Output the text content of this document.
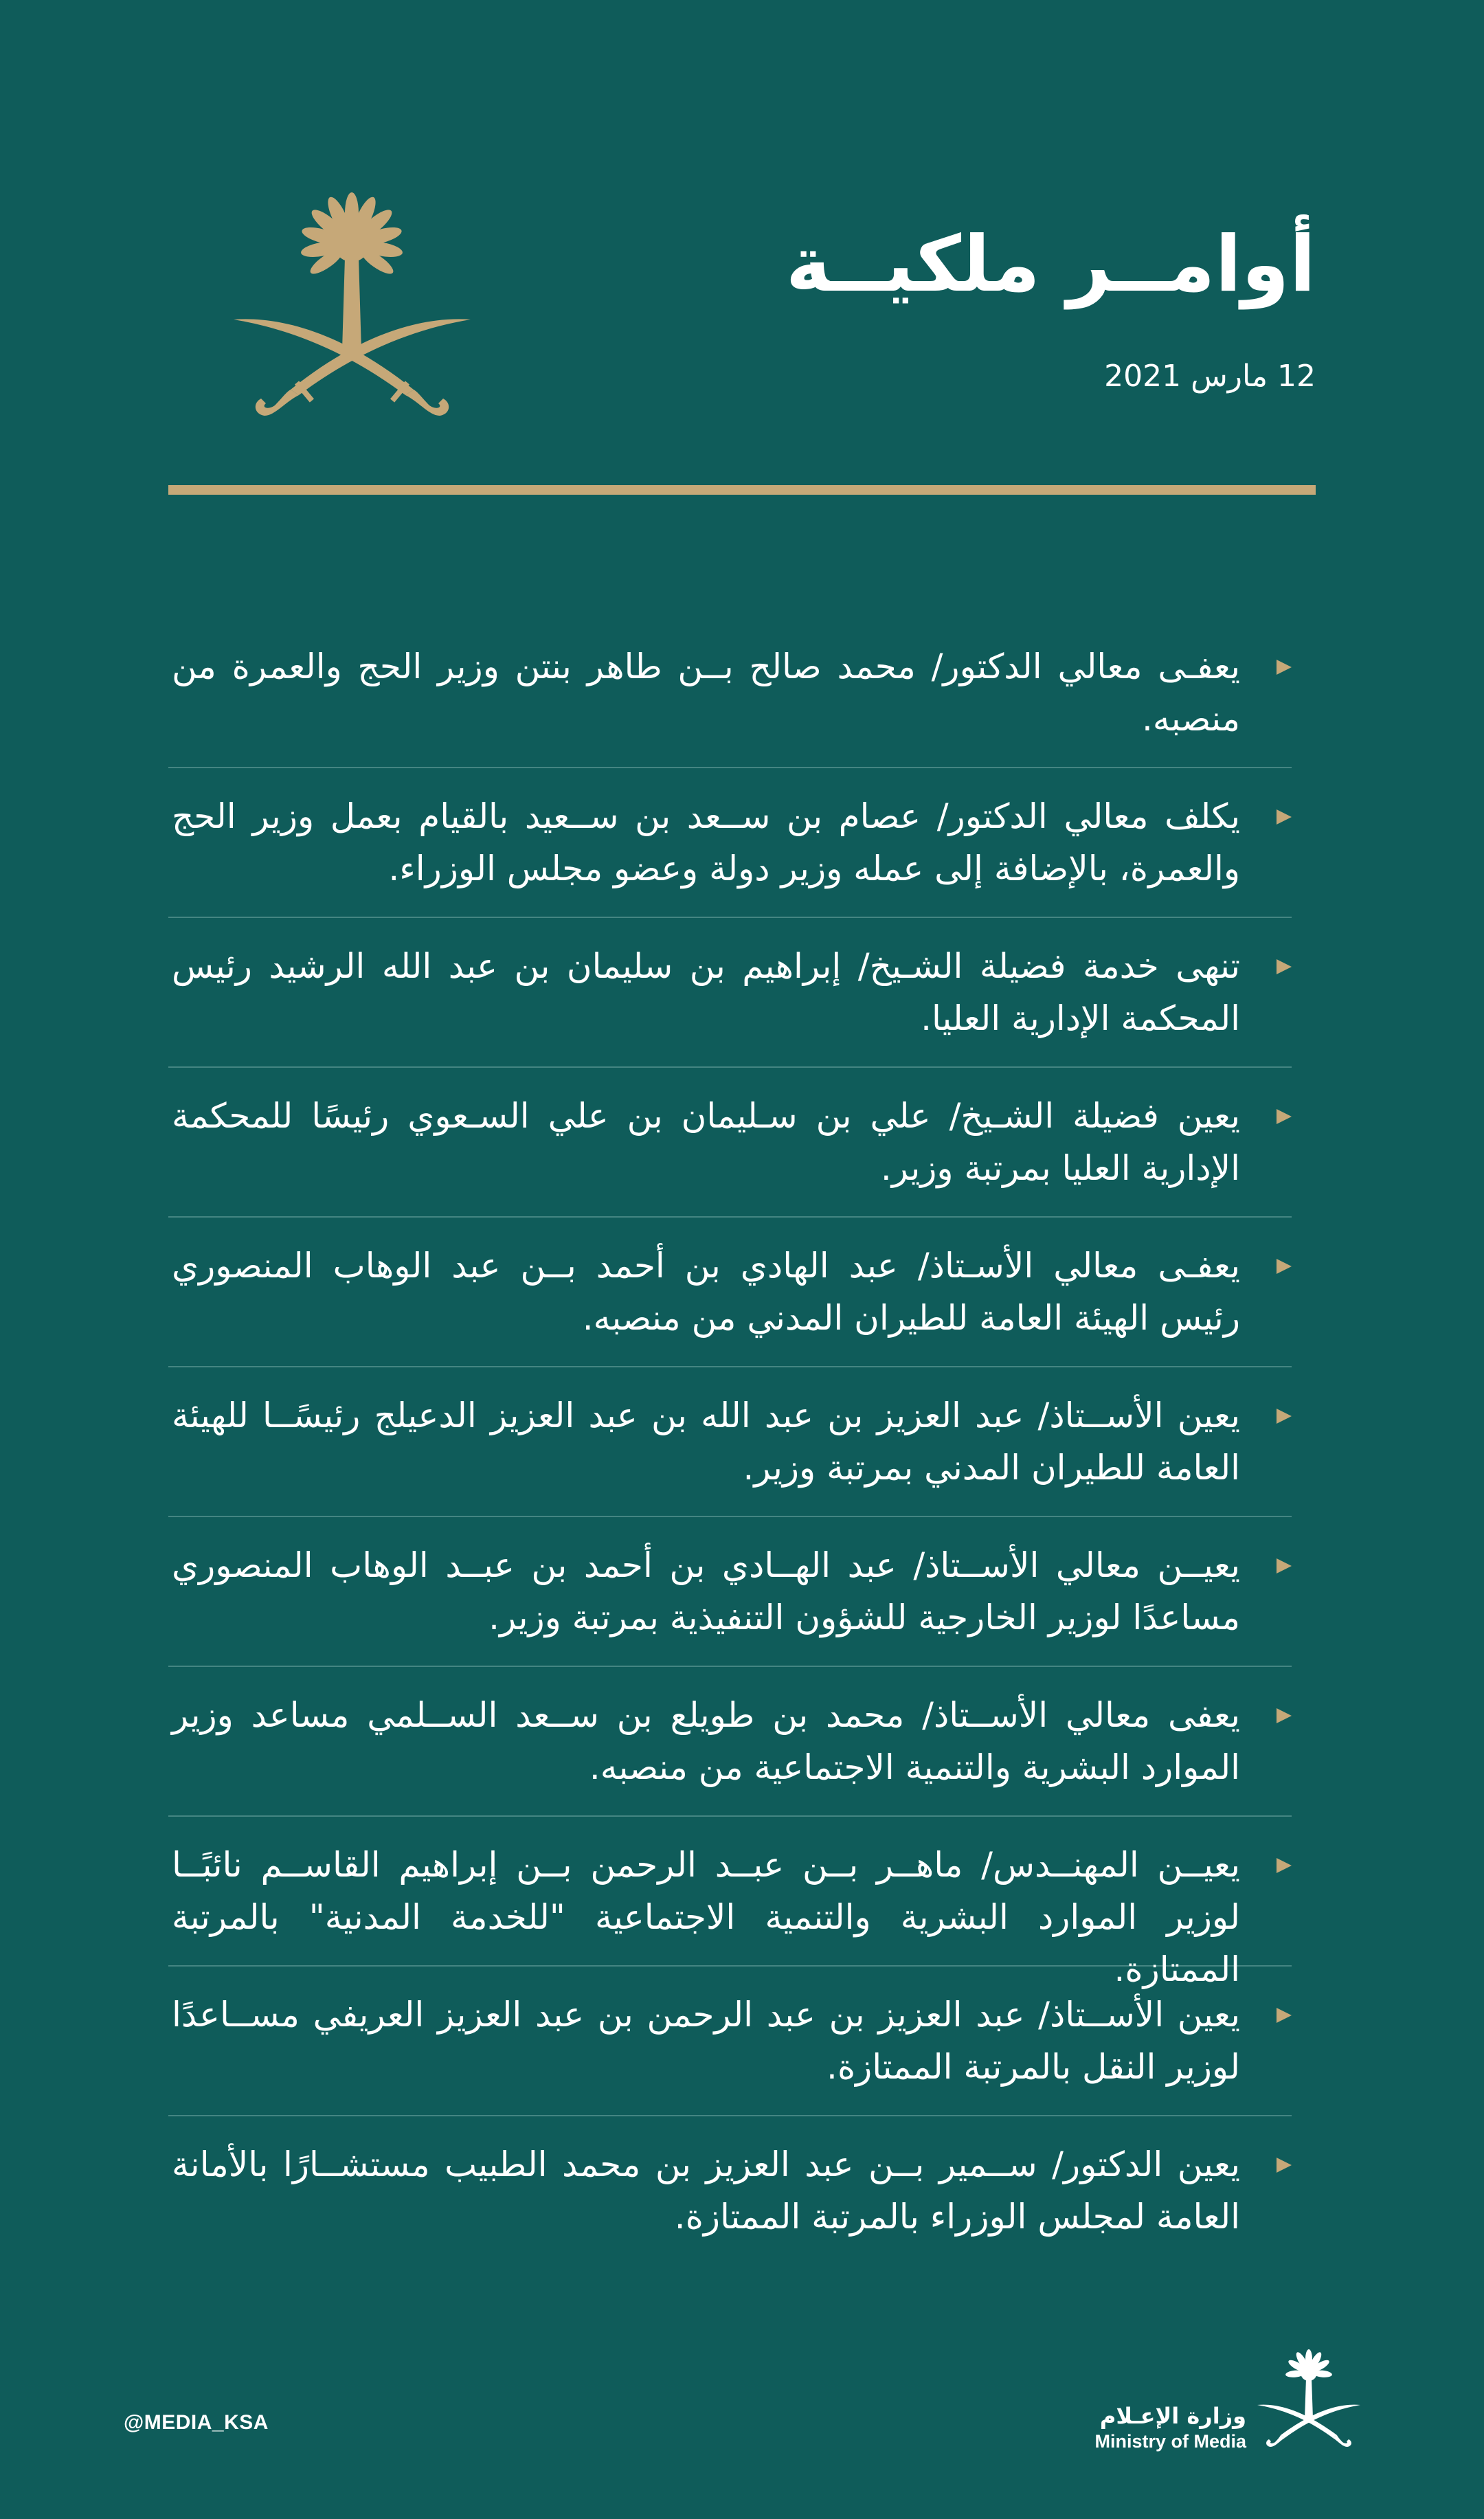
أوامــر ملكيــة
12 مارس 2021
يعفـى معالي الدكتور/ محمد صالح بــن طاهر بنتن وزير الحج والعمرة من منصبه.
يكلف معالي الدكتور/ عصام بن ســعد بن ســعيد بالقيام بعمل وزير الحج والعمرة، بالإضافة إلى عمله وزير دولة وعضو مجلس الوزراء.
تنهى خدمة فضيلة الشـيخ/ إبراهيم بن سليمان بن عبد الله الرشيد رئيس المحكمة الإدارية العليا.
يعين فضيلة الشـيخ/ علي بن سـليمان بن علي السـعوي رئيسًا للمحكمة الإدارية العليا بمرتبة وزير.
يعفـى معالي الأسـتاذ/ عبد الهادي بن أحمد بــن عبد الوهاب المنصوري رئيس الهيئة العامة للطيران المدني من منصبه.
يعين الأســتاذ/ عبد العزيز بن عبد الله بن عبد العزيز الدعيلج رئيسًــا للهيئة العامة للطيران المدني بمرتبة وزير.
يعيــن معالي الأســتاذ/ عبد الهــادي بن أحمد بن عبــد الوهاب المنصوري مساعدًا لوزير الخارجية للشؤون التنفيذية بمرتبة وزير.
يعفى معالي الأســتاذ/ محمد بن طويلع بن ســعد الســلمي مساعد وزير الموارد البشرية والتنمية الاجتماعية من منصبه.
يعيــن المهنــدس/ ماهــر بــن عبــد الرحمن بــن إبراهيم القاســم نائبًــا لوزير الموارد البشرية والتنمية الاجتماعية "للخدمة المدنية" بالمرتبة الممتازة.
يعين الأســتاذ/ عبد العزيز بن عبد الرحمن بن عبد العزيز العريفي مســاعدًا لوزير النقل بالمرتبة الممتازة.
يعين الدكتور/ ســمير بــن عبد العزيز بن محمد الطبيب مستشــارًا بالأمانة العامة لمجلس الوزراء بالمرتبة الممتازة.
@MEDIA_KSA	وزارة الإعـلام
Ministry of Media
